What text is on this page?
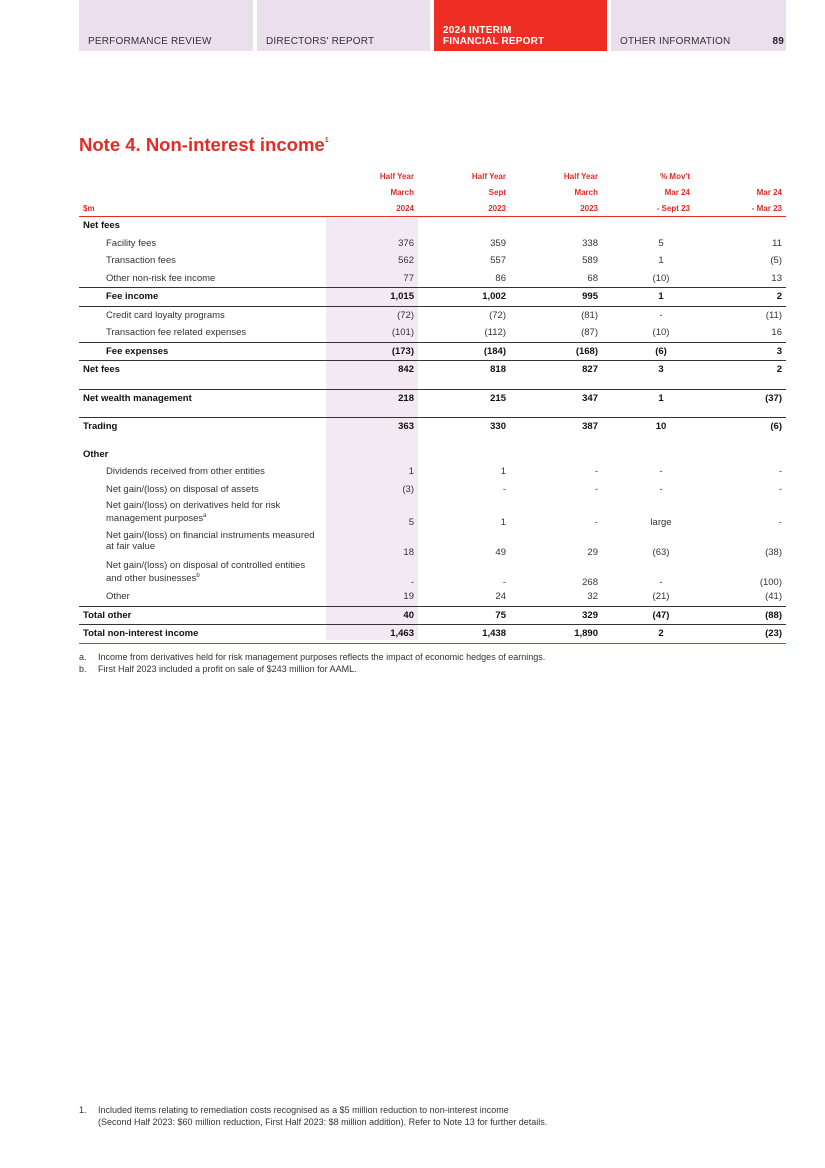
PERFORMANCE REVIEW	DIRECTORS' REPORT
2024 INTERIM
FINANCIAL REPORT	OTHER INFORMATION	89
Note 4. Non-interest income$^1$
	Half Year	Half Year	Half Year	% Mov't	
	March	Sept	March	Mar 24	Mar 24
$m	2024	2023	2023	- Sept 23	- Mar 23
Net fees					
Facility fees	376	359	338	5	11
Transaction fees	562	557	589	1	(5)
Other non-risk fee income	77	86	68	(10)	13
Fee income	1,015	1,002	995	1	2
Credit card loyalty programs	(72)	(72)	(81)	-	(11)
Transaction fee related expenses	(101)	(112)	(87)	(10)	16
Fee expenses	(173)	(184)	(168)	(6)	3
Net fees	842	818	827	3	2

Net wealth management	218	215	347	1	(37)

Trading	363	330	387	10	(6)

Other					
Dividends received from other entities	1	1	-	-	-
Net gain/(loss) on disposal of assets	(3)	-	-	-	-
Net gain/(loss) on derivatives held for risk management purposes$^a$	5	1	-	large	-
Net gain/(loss) on financial instruments measured at fair value	18	49	29	(63)	(38)
Net gain/(loss) on disposal of controlled entities and other businesses$^b$	-	-	268	-	(100)
Other	19	24	32	(21)	(41)
Total other	40	75	329	(47)	(88)
Total non-interest income	1,463	1,438	1,890	2	(23)
a.	Income from derivatives held for risk management purposes reflects the impact of economic hedges of earnings.
b.	First Half 2023 included a profit on sale of $243 million for AAML.
1.	Included items relating to remediation costs recognised as a $5 million reduction to non-interest income
(Second Half 2023: $60 million reduction, First Half 2023: $8 million addition). Refer to Note 13 for further details.
